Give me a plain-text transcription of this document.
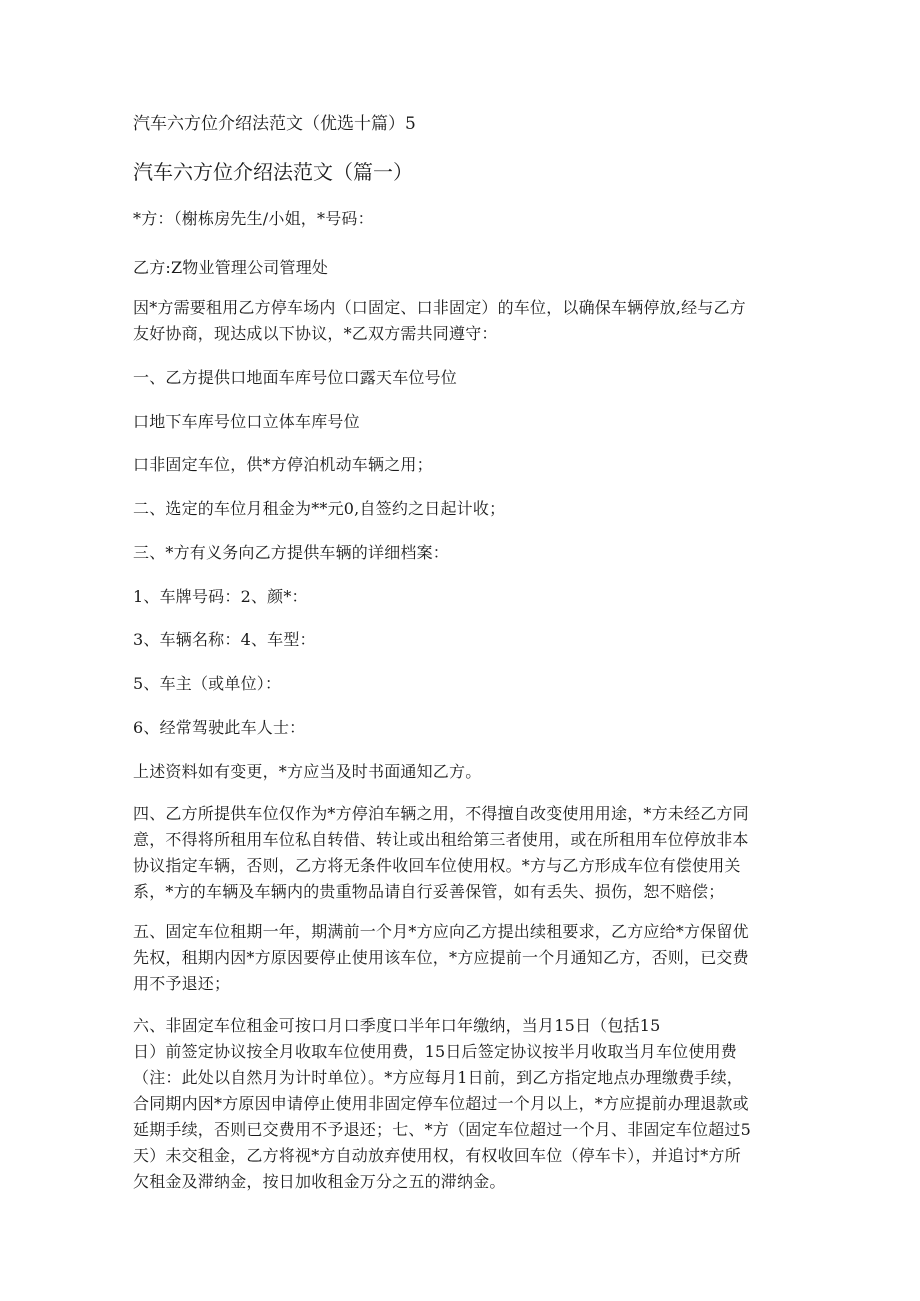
汽车六方位介绍法范文（优选十篇）5
汽车六方位介绍法范文（篇一）
*方：（榭栋房先生/小姐，*号码：
乙方:Z物业管理公司管理处
因*方需要租用乙方停车场内（口固定、口非固定）的车位，以确保车辆停放,经与乙方
友好协商，现达成以下协议，*乙双方需共同遵守：
一、乙方提供口地面车库号位口露天车位号位
口地下车库号位口立体车库号位
口非固定车位，供*方停泊机动车辆之用；
二、选定的车位月租金为**元0,自签约之日起计收；
三、*方有义务向乙方提供车辆的详细档案：
1、车牌号码：2、颜*：
3、车辆名称：4、车型：
5、车主（或单位）：
6、经常驾驶此车人士：
上述资料如有变更，*方应当及时书面通知乙方。
四、乙方所提供车位仅作为*方停泊车辆之用，不得擅自改变使用用途，*方未经乙方同
意，不得将所租用车位私自转借、转让或出租给第三者使用，或在所租用车位停放非本
协议指定车辆，否则，乙方将无条件收回车位使用权。*方与乙方形成车位有偿使用关
系，*方的车辆及车辆内的贵重物品请自行妥善保管，如有丢失、损伤，恕不赔偿；
五、固定车位租期一年，期满前一个月*方应向乙方提出续租要求，乙方应给*方保留优
先权，租期内因*方原因要停止使用该车位，*方应提前一个月通知乙方，否则，已交费
用不予退还；
六、非固定车位租金可按口月口季度口半年口年缴纳，当月15日（包括15
日）前签定协议按全月收取车位使用费，15日后签定协议按半月收取当月车位使用费
（注：此处以自然月为计时单位）。*方应每月1日前，到乙方指定地点办理缴费手续，
合同期内因*方原因申请停止使用非固定停车位超过一个月以上，*方应提前办理退款或
延期手续，否则已交费用不予退还；七、*方（固定车位超过一个月、非固定车位超过5
天）未交租金，乙方将视*方自动放弃使用权，有权收回车位（停车卡），并追讨*方所
欠租金及滞纳金，按日加收租金万分之五的滞纳金。
